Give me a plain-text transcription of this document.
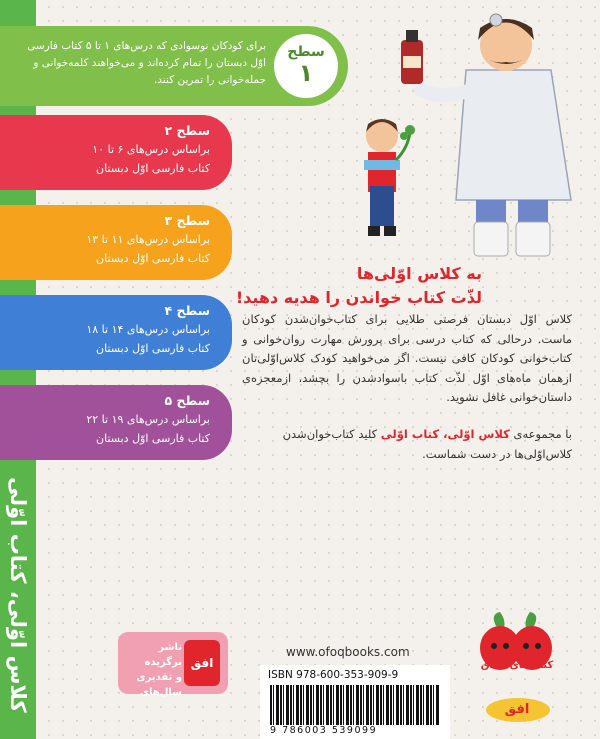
کلاس اوّلی، کتاب اوّلی
برای کودکان نوسوادی که درس‌های ۱ تا ۵ کتاب فارسی اوّل دبستان را تمام کرده‌اند و می‌خواهند کلمه‌خوانی و جمله‌خوانی را تمرین کنند.
سطح
۱
سطح ۲
براساس درس‌های ۶ تا ۱۰
کتاب فارسی اوّل دبستان
سطح ۳
براساس درس‌های ۱۱ تا ۱۳
کتاب فارسی اوّل دبستان
سطح ۴
براساس درس‌های ۱۴ تا ۱۸
کتاب فارسی اوّل دبستان
سطح ۵
براساس درس‌های ۱۹ تا ۲۲
کتاب فارسی اوّل دبستان
به کلاس اوّلی‌ها
لذّت کتاب خواندن را هدیه دهید!
کلاس اوّل دبستان فرصتی طلایی برای کتاب‌خوان‌شدن کودکان ماست. درحالی که کتاب درسی برای پرورش مهارت روان‌خوانی و کتاب‌خوانی کودکان کافی نیست. اگر می‌خواهید کودک کلاس‌اوّلی‌تان ازهمان ماه‌های اوّل لذّت کتاب باسوادشدن را بچشد، ازمعجزه‌ی داستان‌خوانی غافل نشوید.
با مجموعه‌ی کلاس اوّلی، کتاب اوّلی کلید کتاب‌خوان‌شدن کلاس‌اوّلی‌ها در دست شماست.
ناشر
برگزیده
و تقدیری
سال‌های
افق
www.ofoqbooks.com
ISBN 978-600-353-909-9
9 786003 539099
کتاب‌های فندق
افق
